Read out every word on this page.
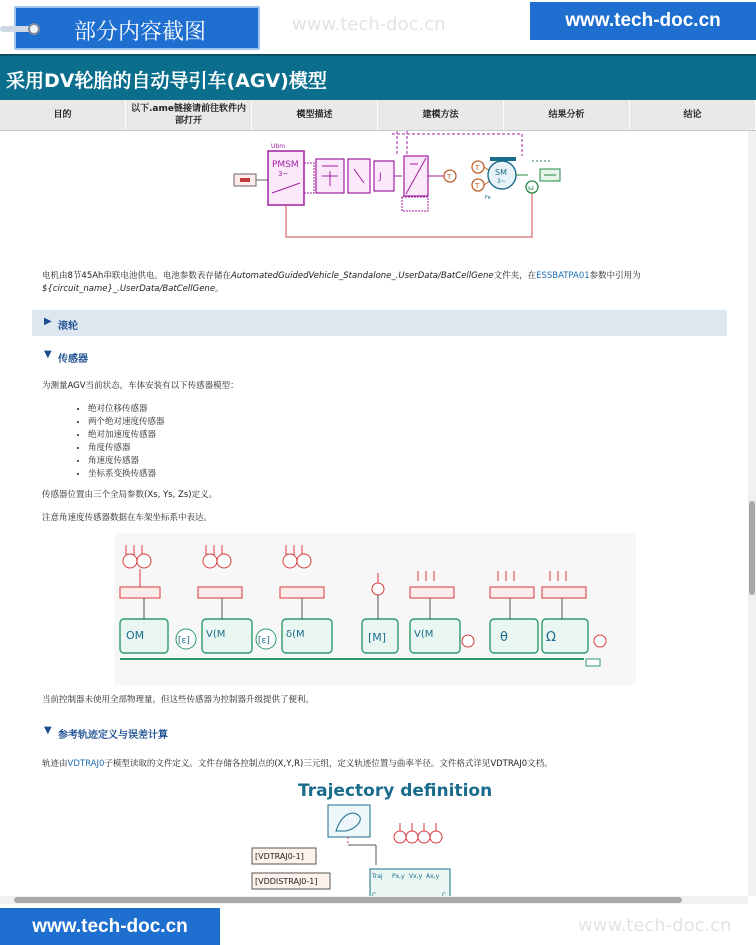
www.tech-doc.cn
部分内容截图	www.tech-doc.cn
采用DV轮胎的自动导引车(AGV)模型
目的
以下.ame链接请前往软件内部打开
模型描述	建模方法	结果分析	结论
Ubm
PMSM
3~	J	T
T
T
SM
3~
Fe
ω
电机由8节45Ah串联电池供电。电池参数表存储在AutomatedGuidedVehicle_Standalone_.UserData/BatCellGene文件夹，在ESSBATPA01参数中引用为
${circuit_name}_.UserData/BatCellGene。
▶ 滚轮
▼ 传感器
为测量AGV当前状态，车体安装有以下传感器模型：
• 绝对位移传感器
• 两个绝对速度传感器
• 绝对加速度传感器
• 角度传感器
• 角速度传感器
• 坐标系变换传感器
传感器位置由三个全局参数(Xs, Ys, Zs)定义。
注意角速度传感器数据在车架坐标系中表达。
OM	[ε]
V(M
[ε]
δ(M	[M]	V(M	θ	Ω
当前控制器未使用全部物理量，但这些传感器为控制器升级提供了便利。
▼ 参考轨迹定义与误差计算
轨迹由VDTRAJ0子模型读取的文件定义。文件存储各控制点的(X,Y,R)三元组，定义轨迹位置与曲率半径。文件格式详见VDTRAJ0文档。
Trajectory definition
[VDTRAJ0-1]
[VDDISTRAJ0-1]
Traj Px,y Vx,y Ax,y
www.tech-doc.cn	www.tech-doc.cn
